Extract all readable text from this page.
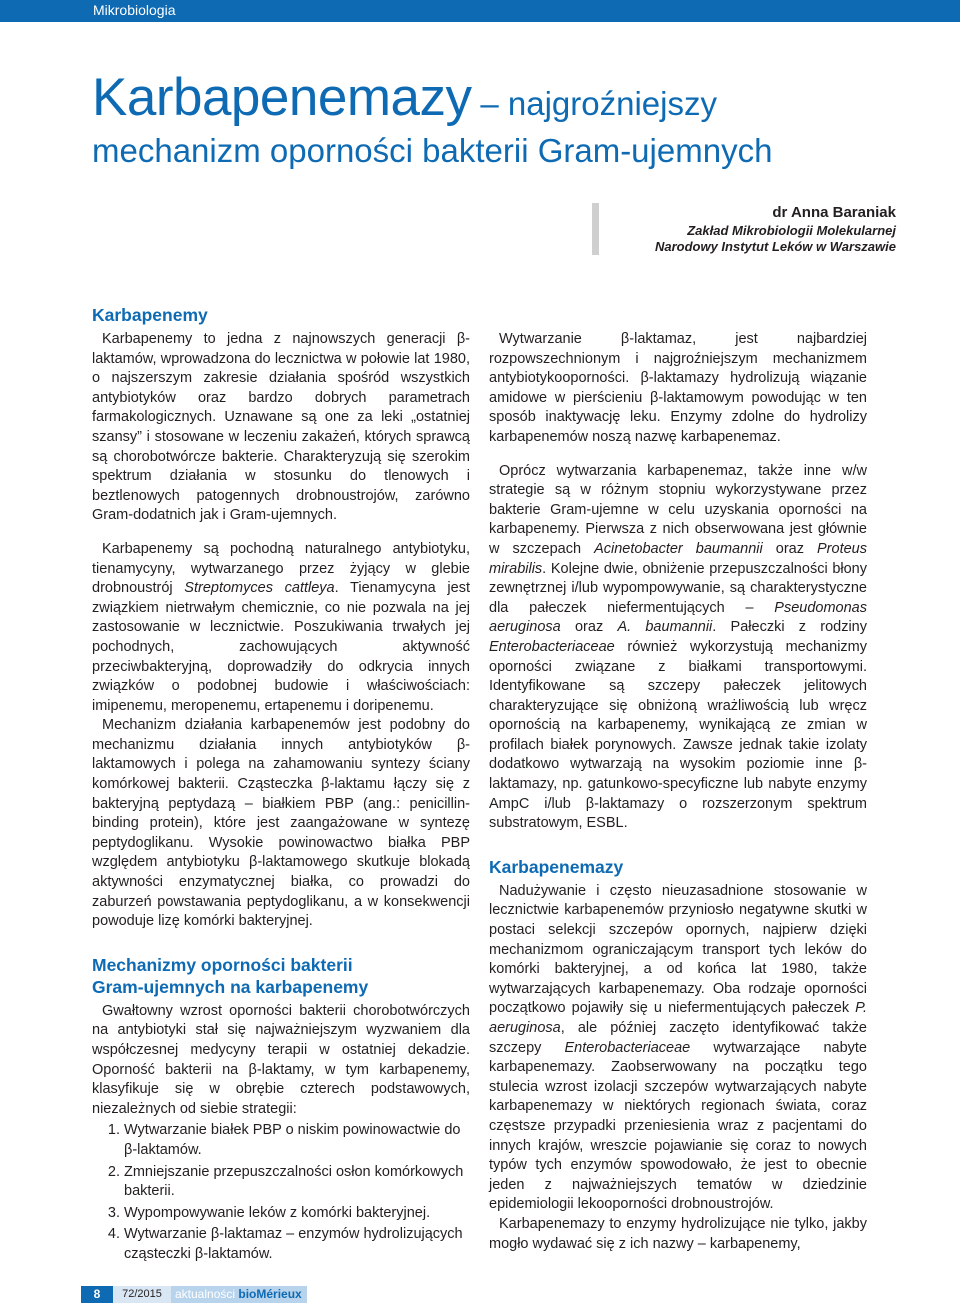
Mikrobiologia
Karbapenemazy – najgroźniejszy
mechanizm oporności bakterii Gram-ujemnych
dr Anna Baraniak
Zakład Mikrobiologii Molekularnej
Narodowy Instytut Leków w Warszawie
Karbapenemy

Karbapenemy to jedna z najnowszych generacji β-laktamów, wprowadzona do lecznictwa w połowie lat 1980, o najszerszym zakresie działania spośród wszystkich antybiotyków oraz bardzo dobrych parametrach farmakologicznych. Uznawane są one za leki „ostatniej szansy” i stosowane w leczeniu zakażeń, których sprawcą są chorobotwórcze bakterie. Charakteryzują się szerokim spektrum działania w stosunku do tlenowych i beztlenowych patogennych drobnoustrojów, zarówno Gram-dodatnich jak i Gram-ujemnych.

Karbapenemy są pochodną naturalnego antybiotyku, tienamycyny, wytwarzanego przez żyjący w glebie drobnoustrój Streptomyces cattleya. Tienamycyna jest związkiem nietrwałym chemicznie, co nie pozwala na jej zastosowanie w lecznictwie. Poszukiwania trwałych jej pochodnych, zachowujących aktywność przeciwbakteryjną, doprowadziły do odkrycia innych związków o podobnej budowie i właściwościach: imipenemu, meropenemu, ertapenemu i doripenemu.

Mechanizm działania karbapenemów jest podobny do mechanizmu działania innych antybiotyków β-laktamowych i polega na zahamowaniu syntezy ściany komórkowej bakterii. Cząsteczka β-laktamu łączy się z bakteryjną peptydazą – białkiem PBP (ang.: penicillin-binding protein), które jest zaangażowane w syntezę peptydoglikanu. Wysokie powinowactwo białka PBP względem antybiotyku β-laktamowego skutkuje blokadą aktywności enzymatycznej białka, co prowadzi do zaburzeń powstawania peptydoglikanu, a w konsekwencji powoduje lizę komórki bakteryjnej.

Mechanizmy oporności bakterii
Gram-ujemnych na karbapenemy

Gwałtowny wzrost oporności bakterii chorobotwórczych na antybiotyki stał się najważniejszym wyzwaniem dla współczesnej medycyny terapii w ostatniej dekadzie. Oporność bakterii na β-laktamy, w tym karbapenemy, klasyfikuje się w obrębie czterech podstawowych, niezależnych od siebie strategii:

1. Wytwarzanie białek PBP o niskim powinowactwie do β-laktamów.
2. Zmniejszanie przepuszczalności osłon komórkowych bakterii.
3. Wypompowywanie leków z komórki bakteryjnej.
4. Wytwarzanie β-laktamaz – enzymów hydrolizujących cząsteczki β-laktamów.

Wytwarzanie β-laktamaz, jest najbardziej rozpowszechnionym i najgroźniejszym mechanizmem antybiotykooporności. β-laktamazy hydrolizują wiązanie amidowe w pierścieniu β-laktamowym powodując w ten sposób inaktywację leku. Enzymy zdolne do hydrolizy karbapenemów noszą nazwę karbapenemaz.

Oprócz wytwarzania karbapenemaz, także inne w/w strategie są w różnym stopniu wykorzystywane przez bakterie Gram-ujemne w celu uzyskania oporności na karbapenemy. Pierwsza z nich obserwowana jest głównie w szczepach Acinetobacter baumannii oraz Proteus mirabilis. Kolejne dwie, obniżenie przepuszczalności błony zewnętrznej i/lub wypompowywanie, są charakterystyczne dla pałeczek niefermentujących – Pseudomonas aeruginosa oraz A. baumannii. Pałeczki z rodziny Enterobacteriaceae również wykorzystują mechanizmy oporności związane z białkami transportowymi. Identyfikowane są szczepy pałeczek jelitowych charakteryzujące się obniżoną wrażliwością lub wręcz opornością na karbapenemy, wynikającą ze zmian w profilach białek porynowych. Zawsze jednak takie izolaty dodatkowo wytwarzają na wysokim poziomie inne β-laktamazy, np. gatunkowo-specyficzne lub nabyte enzymy AmpC i/lub β-laktamazy o rozszerzonym spektrum substratowym, ESBL.

Karbapenemazy

Nadużywanie i często nieuzasadnione stosowanie w lecznictwie karbapenemów przyniosło negatywne skutki w postaci selekcji szczepów opornych, najpierw dzięki mechanizmom ograniczającym transport tych leków do komórki bakteryjnej, a od końca lat 1980, także wytwarzających karbapenemazy. Oba rodzaje oporności początkowo pojawiły się u niefermentujących pałeczek P. aeruginosa, ale później zaczęto identyfikować także szczepy Enterobacteriaceae wytwarzające nabyte karbapenemazy. Zaobserwowany na początku tego stulecia wzrost izolacji szczepów wytwarzających nabyte karbapenemazy w niektórych regionach świata, coraz częstsze przypadki przeniesienia wraz z pacjentami do innych krajów, wreszcie pojawianie się coraz to nowych typów tych enzymów spowodowało, że jest to obecnie jeden z najważniejszych tematów w dziedzinie epidemiologii lekooporności drobnoustrojów.

Karbapenemazy to enzymy hydrolizujące nie tylko, jakby mogło wydawać się z ich nazwy – karbapenemy,

8	72/2015	aktualności bioMérieux
